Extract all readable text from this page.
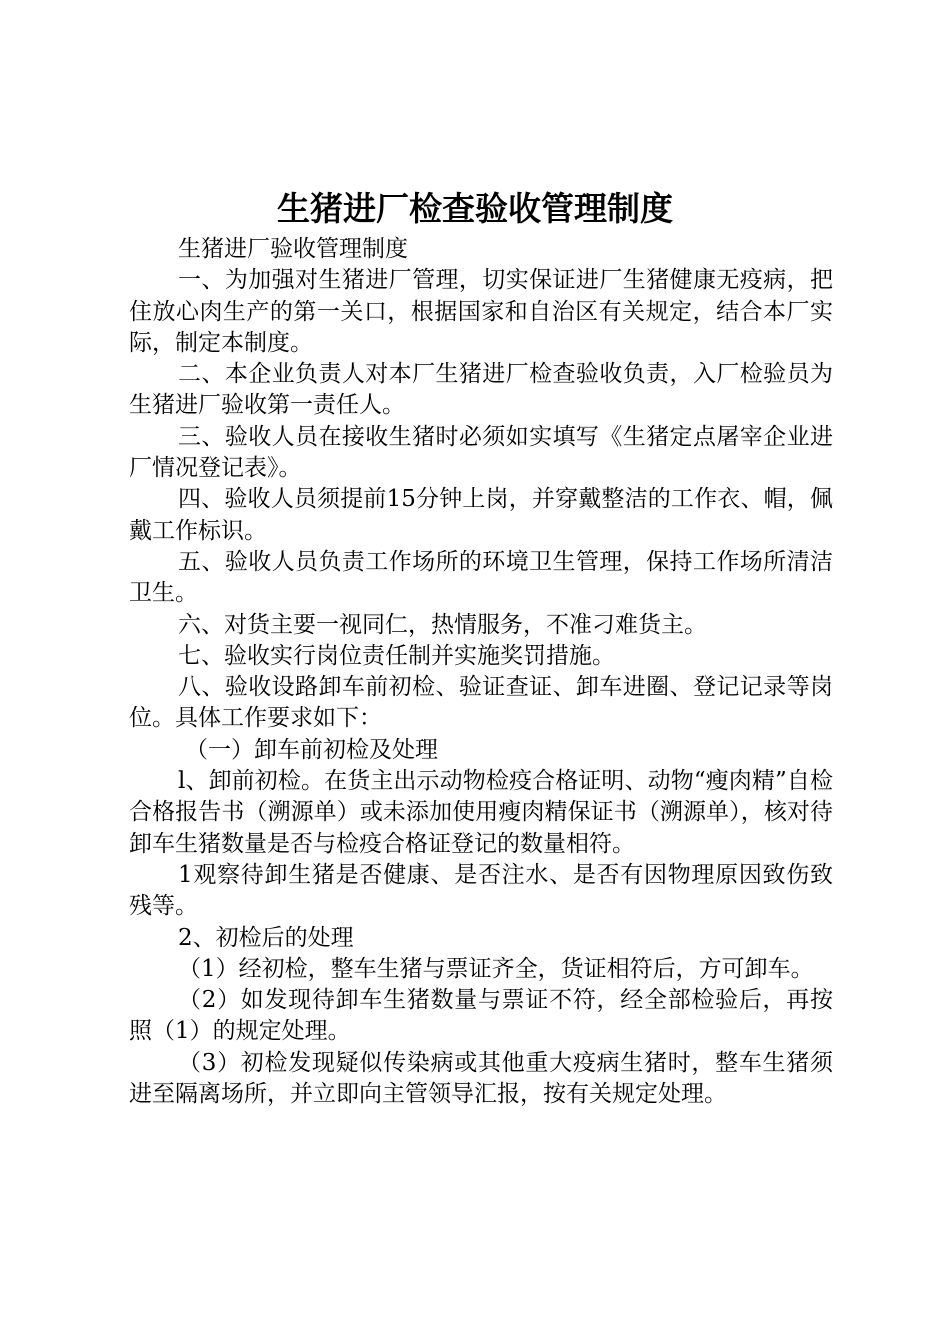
生猪进厂检查验收管理制度

生猪进厂验收管理制度

一、为加强对生猪进厂管理，切实保证进厂生猪健康无疫病，把住放心肉生产的第一关口，根据国家和自治区有关规定，结合本厂实际，制定本制度。

二、本企业负责人对本厂生猪进厂检查验收负责，入厂检验员为生猪进厂验收第一责任人。

三、验收人员在接收生猪时必须如实填写《生猪定点屠宰企业进厂情况登记表》。

四、验收人员须提前15分钟上岗，并穿戴整洁的工作衣、帽，佩戴工作标识。

五、验收人员负责工作场所的环境卫生管理，保持工作场所清洁卫生。

六、对货主要一视同仁，热情服务，不准刁难货主。

七、验收实行岗位责任制并实施奖罚措施。

八、验收设路卸车前初检、验证查证、卸车进圈、登记记录等岗位。具体工作要求如下：

（一）卸车前初检及处理

l、卸前初检。在货主出示动物检疫合格证明、动物“瘦肉精”自检合格报告书（溯源单）或未添加使用瘦肉精保证书（溯源单），核对待卸车生猪数量是否与检疫合格证登记的数量相符。

1观察待卸生猪是否健康、是否注水、是否有因物理原因致伤致残等。

2、初检后的处理

（1）经初检，整车生猪与票证齐全，货证相符后，方可卸车。

（2）如发现待卸车生猪数量与票证不符，经全部检验后，再按照（1）的规定处理。

（3）初检发现疑似传染病或其他重大疫病生猪时，整车生猪须进至隔离场所，并立即向主管领导汇报，按有关规定处理。
